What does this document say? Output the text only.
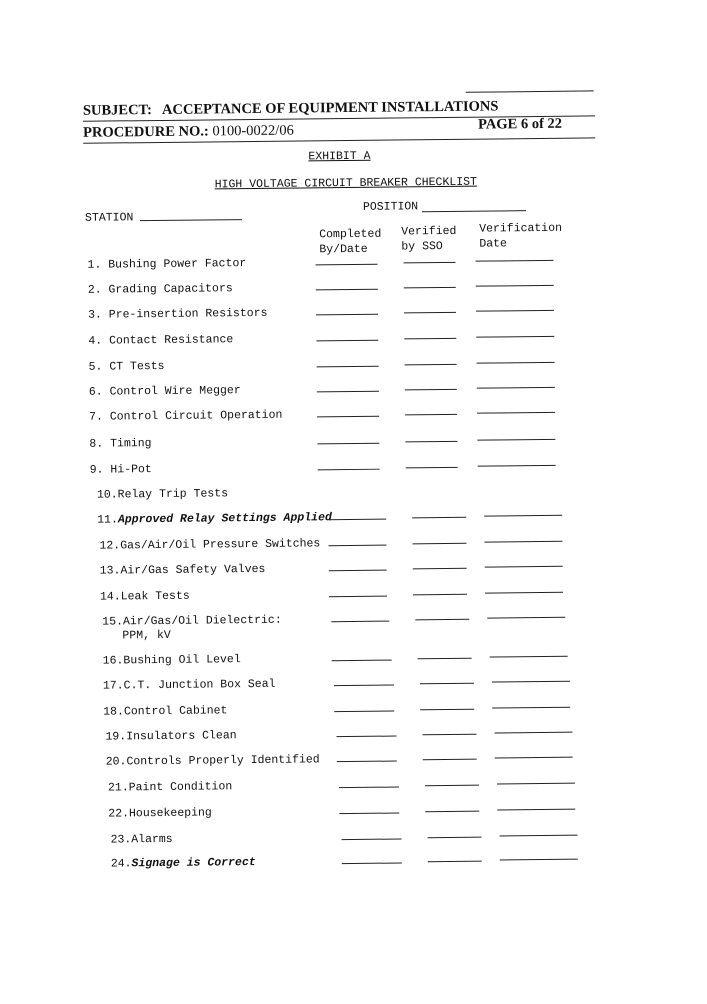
SUBJECT: ACCEPTANCE OF EQUIPMENT INSTALLATIONS
PROCEDURE NO.: 0100-0022/06	PAGE 6 of 22
EXHIBIT A
HIGH VOLTAGE CIRCUIT BREAKER CHECKLIST
STATION
POSITION
Completed
By/Date
Verified
by SSO
Verification
Date
1. Bushing Power Factor
2. Grading Capacitors
3. Pre-insertion Resistors
4. Contact Resistance
5. CT Tests
6. Control Wire Megger
7. Control Circuit Operation
8. Timing
9. Hi-Pot
10.Relay Trip Tests
11.Approved Relay Settings Applied
12.Gas/Air/Oil Pressure Switches
13.Air/Gas Safety Valves
14.Leak Tests
15.Air/Gas/Oil Dielectric:
PPM, kV
16.Bushing Oil Level
17.C.T. Junction Box Seal
18.Control Cabinet
19.Insulators Clean
20.Controls Properly Identified
21.Paint Condition
22.Housekeeping
23.Alarms
24.Signage is Correct
